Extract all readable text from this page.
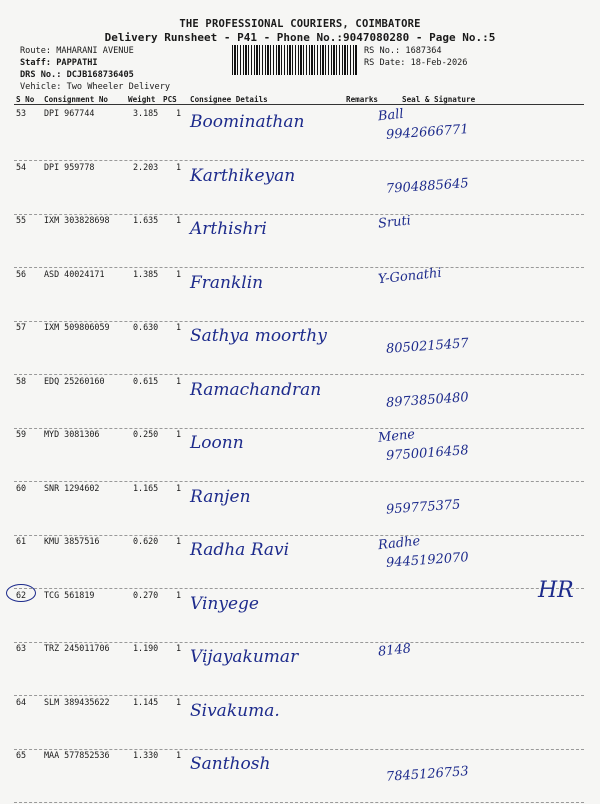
THE PROFESSIONAL COURIERS, COIMBATORE
Delivery Runsheet - P41 - Phone No.:9047080280 - Page No.:5
Route: MAHARANI AVENUE
Staff: PAPPATHI
DRS No.: DCJB168736405
Vehicle: Two Wheeler Delivery
RS No.: 1687364
RS Date: 18-Feb-2026
S No Consignment No	Weight PCS Consignee Details	Remarks	Seal & Signature
53 DPI 967744	3.185 1 Boominathan	Ball
9942666771
54 DPI 959778	2.203 1 Karthikeyan
7904885645
55 IXM 303828698	1.635 1 Arthishri	Sruti
56 ASD 40024171	1.385 1 Franklin	Y-Gonathi
57 IXM 509806059	0.630 1 Sathya moorthy
8050215457
58 EDQ 25260160	0.615 1 Ramachandran
8973850480
59 MYD 3081306	0.250 1 Loonn	Mene
9750016458
60 SNR 1294602	1.165 1 Ranjen
959775375
61 KMU 3857516	0.620 1 Radha Ravi	Radhe
9445192070
62 TCG 561819	0.270 1 Vinyege
HR
63 TRZ 245011706	1.190 1 Vijayakumar	8148
64 SLM 389435622	1.145 1 Sivakuma.
65 MAA 577852536	1.330 1 Santhosh
7845126753
